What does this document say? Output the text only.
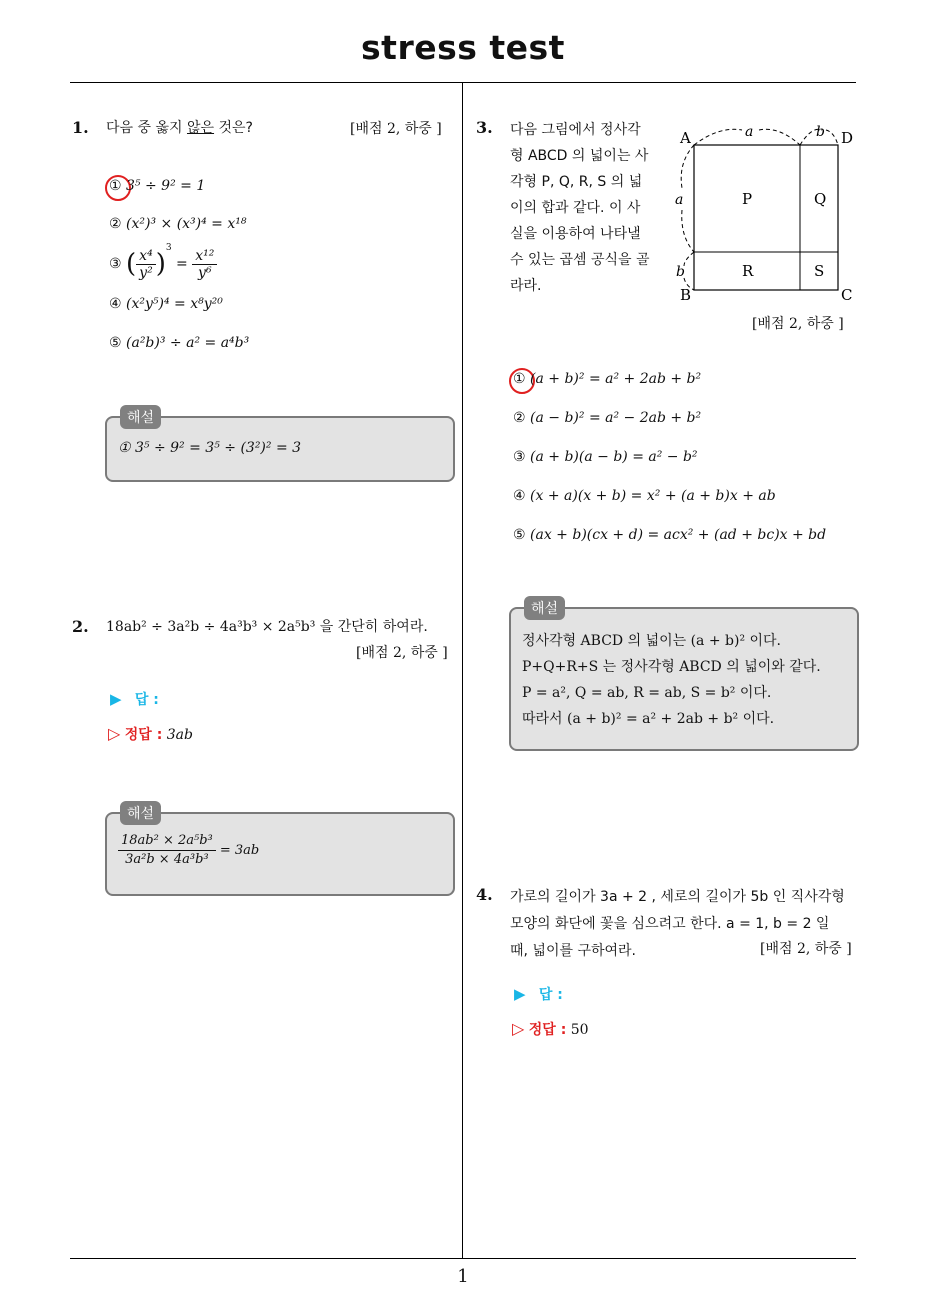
stress test
1
1. 다음 중 옳지 않은 것은?	[배점 2, 하중 ]
① 3⁵ ÷ 9² = 1
② (x²)³ × (x³)⁴ = x¹⁸
③ ( $\frac{\text{x⁴}}{\text{y²}} )^3 = \frac{\text{x¹²}}{\text{y⁶}}$
④ (x²y⁵)⁴ = x⁸y²⁰
⑤ (a²b)³ ÷ a² = a⁴b³
해설
① 3⁵ ÷ 9² = 3⁵ ÷ (3²)² = 3
2. 18ab² ÷ 3a²b ÷ 4a³b³ × 2a⁵b³ 을 간단히 하여라.
[배점 2, 하중 ]
▶ 답 :
▷ 정답 : 3ab
해설
$\frac{\text{18ab² × 2a⁵b³}}{\text{3a²b × 4a³b³}} = 3ab$
3. 다음 그림에서 정사각
형 ABCD 의 넓이는 사
각형 P, Q, R, S 의 넓
이의 합과 같다. 이 사
실을 이용하여 나타낼
수 있는 곱셈 공식을 골
라라.
A
B	C
D
P	Q
R	S
a	b
a
b
[배점 2, 하중 ]
① (a + b)² = a² + 2ab + b²
② (a − b)² = a² − 2ab + b²
③ (a + b)(a − b) = a² − b²
④ (x + a)(x + b) = x² + (a + b)x + ab
⑤ (ax + b)(cx + d) = acx² + (ad + bc)x + bd
해설
정사각형 ABCD 의 넓이는 (a + b)² 이다.
P+Q+R+S 는 정사각형 ABCD 의 넓이와 같다.
P = a², Q = ab, R = ab, S = b² 이다.
따라서 (a + b)² = a² + 2ab + b² 이다.
4. 가로의 길이가 3a + 2 , 세로의 길이가 5b 인 직사각형
모양의 화단에 꽃을 심으려고 한다. a = 1, b = 2 일
때, 넓이를 구하여라.	[배점 2, 하중 ]
▶ 답 :
▷ 정답 : 50
